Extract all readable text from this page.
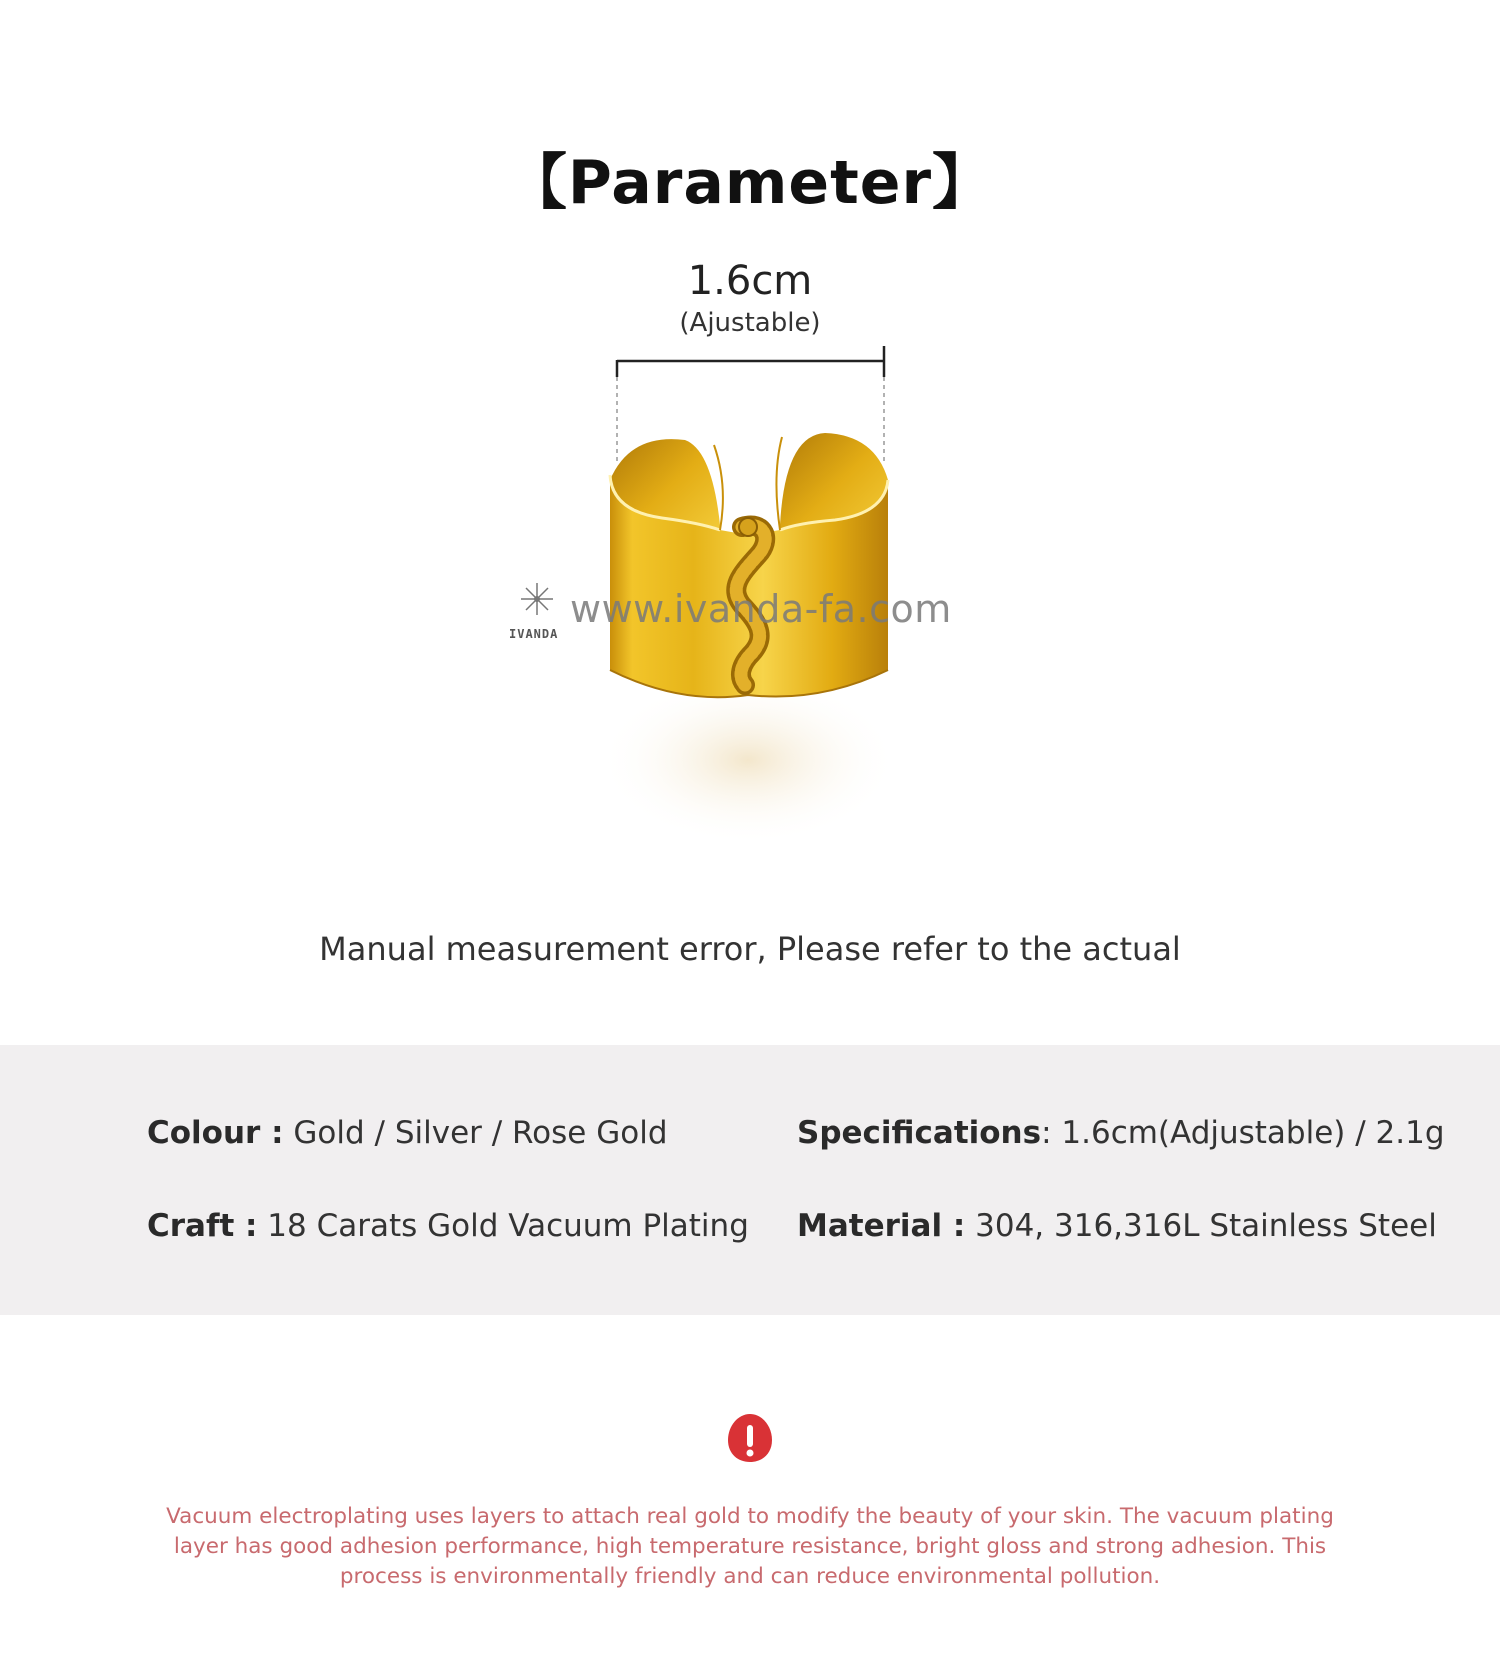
【Parameter】
1.6cm
(Ajustable)
IVANDA
www.ivanda-fa.com
Manual measurement error, Please refer to the actual
Colour : Gold / Silver / Rose Gold	Specifications: 1.6cm(Adjustable) / 2.1g
Craft : 18 Carats Gold Vacuum Plating Material : 304, 316,316L Stainless Steel
Vacuum electroplating uses layers to attach real gold to modify the beauty of your skin. The vacuum plating layer has good adhesion performance, high temperature resistance, bright gloss and strong adhesion. This process is environmentally friendly and can reduce environmental pollution.
